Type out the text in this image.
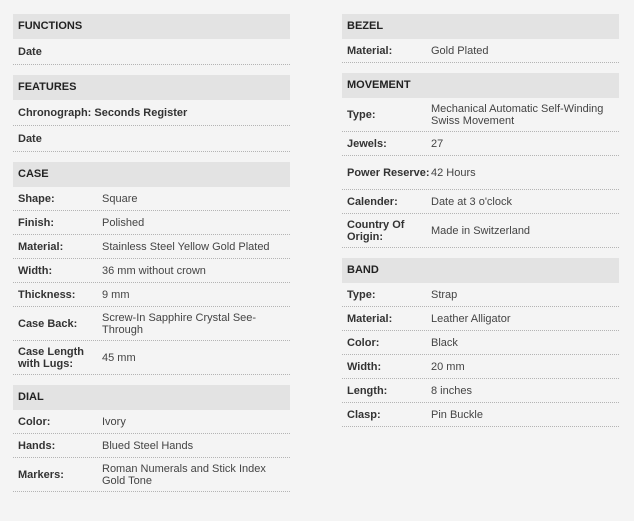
FUNCTIONS
Date
FEATURES
Chronograph: Seconds Register
Date
CASE
Shape:	Square
Finish:	Polished
Material:	Stainless Steel Yellow Gold Plated
Width:	36 mm without crown
Thickness:	9 mm
Case Back:	Screw-In Sapphire Crystal See-Through
Case Length with Lugs:	45 mm
DIAL
Color:	Ivory
Hands:	Blued Steel Hands
Markers:	Roman Numerals and Stick Index Gold Tone
BEZEL
Material:	Gold Plated
MOVEMENT
Type:	Mechanical Automatic Self-Winding Swiss Movement
Jewels:	27
Power Reserve: 42 Hours
Calender:	Date at 3 o'clock
Country Of Origin:	Made in Switzerland
BAND
Type:	Strap
Material:	Leather Alligator
Color:	Black
Width:	20 mm
Length:	8 inches
Clasp:	Pin Buckle
